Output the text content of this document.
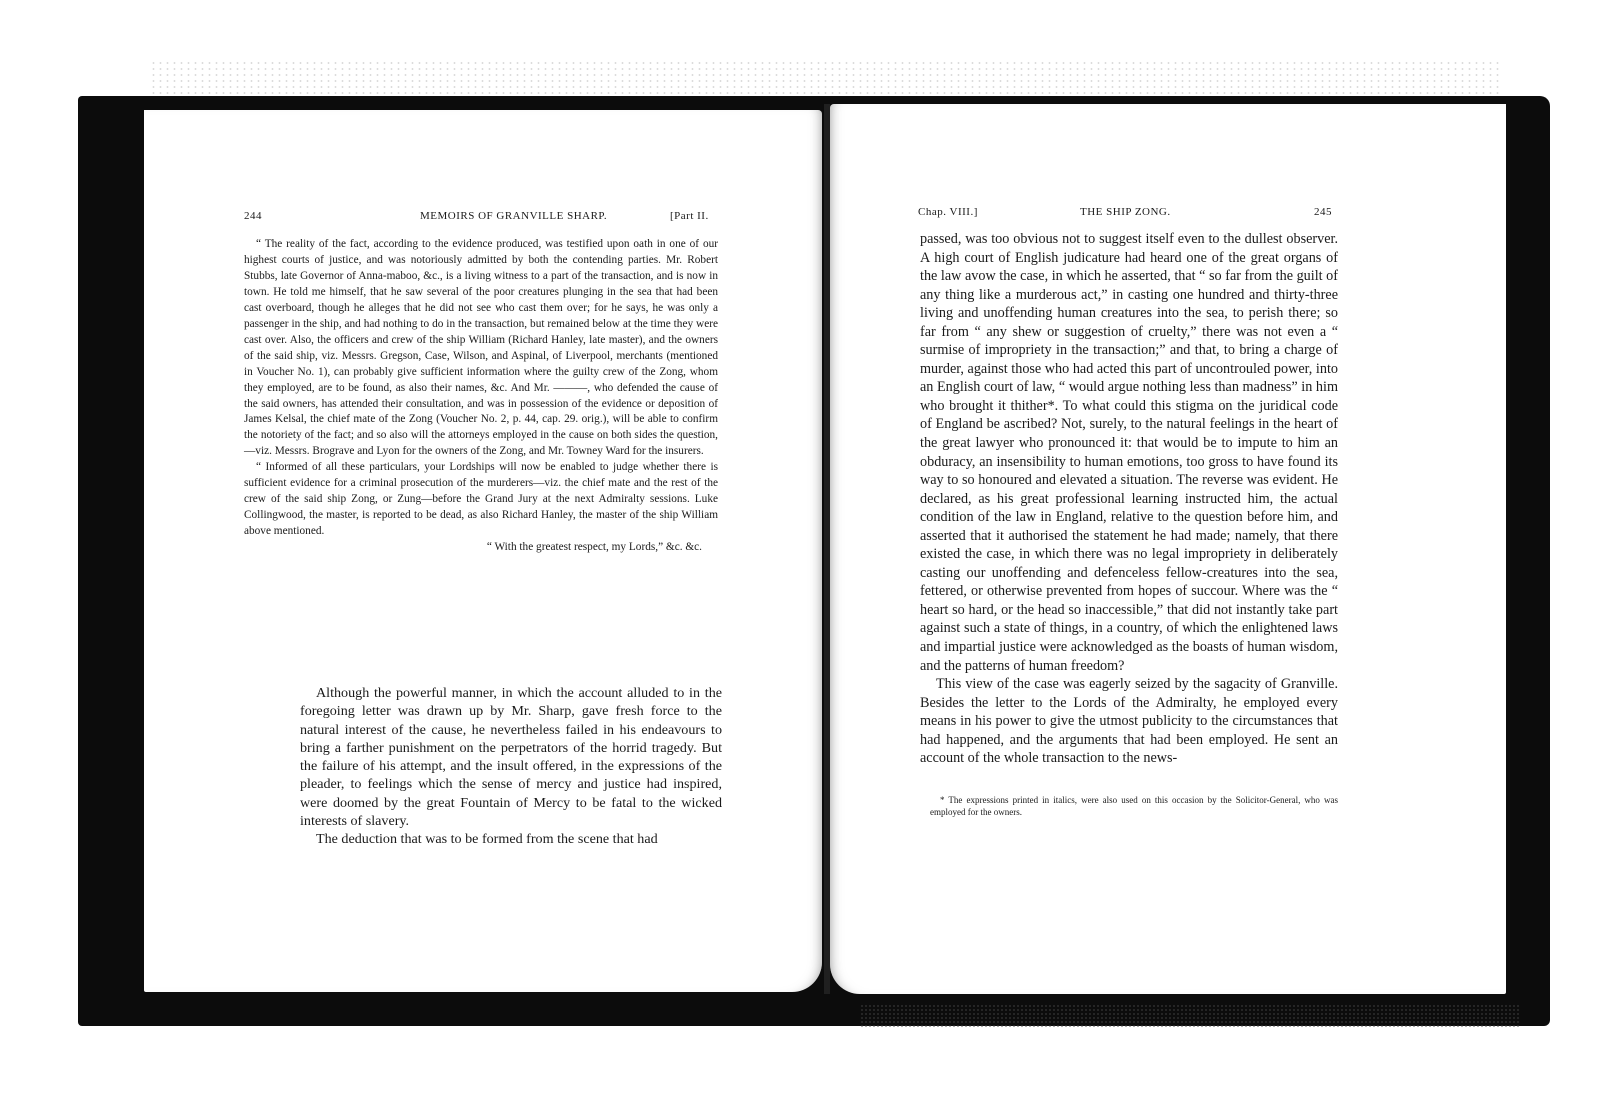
244	MEMOIRS OF GRANVILLE SHARP.	[Part II.

“ The reality of the fact, according to the evidence produced, was testified upon oath in one of our highest courts of justice, and was notoriously admitted by both the contending parties. Mr. Robert Stubbs, late Governor of Anna-maboo, &c., is a living witness to a part of the transaction, and is now in town. He told me himself, that he saw several of the poor creatures plunging in the sea that had been cast overboard, though he alleges that he did not see who cast them over; for he says, he was only a passenger in the ship, and had nothing to do in the transaction, but remained below at the time they were cast over. Also, the officers and crew of the ship William (Richard Hanley, late master), and the owners of the said ship, viz. Messrs. Gregson, Case, Wilson, and Aspinal, of Liverpool, merchants (mentioned in Voucher No. 1), can probably give sufficient information where the guilty crew of the Zong, whom they employed, are to be found, as also their names, &c. And Mr. ———, who defended the cause of the said owners, has attended their consultation, and was in possession of the evidence or deposition of James Kelsal, the chief mate of the Zong (Voucher No. 2, p. 44, cap. 29. orig.), will be able to confirm the notoriety of the fact; and so also will the attorneys employed in the cause on both sides the question,—viz. Messrs. Brograve and Lyon for the owners of the Zong, and Mr. Towney Ward for the insurers.

“ Informed of all these particulars, your Lordships will now be enabled to judge whether there is sufficient evidence for a criminal prosecution of the murderers—viz. the chief mate and the rest of the crew of the said ship Zong, or Zung—before the Grand Jury at the next Admiralty sessions. Luke Collingwood, the master, is reported to be dead, as also Richard Hanley, the master of the ship William above mentioned.

“ With the greatest respect, my Lords,” &c. &c.

Although the powerful manner, in which the account alluded to in the foregoing letter was drawn up by Mr. Sharp, gave fresh force to the natural interest of the cause, he nevertheless failed in his endeavours to bring a farther punishment on the perpetrators of the horrid tragedy. But the failure of his attempt, and the insult offered, in the expressions of the pleader, to feelings which the sense of mercy and justice had inspired, were doomed by the great Fountain of Mercy to be fatal to the wicked interests of slavery.

The deduction that was to be formed from the scene that had

Chap. VIII.]	THE SHIP ZONG.	245

passed, was too obvious not to suggest itself even to the dullest observer. A high court of English judicature had heard one of the great organs of the law avow the case, in which he asserted, that “ so far from the guilt of any thing like a murderous act,” in casting one hundred and thirty-three living and unoffending human creatures into the sea, to perish there; so far from “ any shew or suggestion of cruelty,” there was not even a “ surmise of impropriety in the transaction;” and that, to bring a charge of murder, against those who had acted this part of uncontrouled power, into an English court of law, “ would argue nothing less than madness” in him who brought it thither*. To what could this stigma on the juridical code of England be ascribed? Not, surely, to the natural feelings in the heart of the great lawyer who pronounced it: that would be to impute to him an obduracy, an insensibility to human emotions, too gross to have found its way to so honoured and elevated a situation. The reverse was evident. He declared, as his great professional learning instructed him, the actual condition of the law in England, relative to the question before him, and asserted that it authorised the statement he had made; namely, that there existed the case, in which there was no legal impropriety in deliberately casting our unoffending and defenceless fellow-creatures into the sea, fettered, or otherwise prevented from hopes of succour. Where was the “ heart so hard, or the head so inaccessible,” that did not instantly take part against such a state of things, in a country, of which the enlightened laws and impartial justice were acknowledged as the boasts of human wisdom, and the patterns of human freedom?

This view of the case was eagerly seized by the sagacity of Granville. Besides the letter to the Lords of the Admiralty, he employed every means in his power to give the utmost publicity to the circumstances that had happened, and the arguments that had been employed. He sent an account of the whole transaction to the news-

* The expressions printed in italics, were also used on this occasion by the Solicitor-General, who was employed for the owners.
